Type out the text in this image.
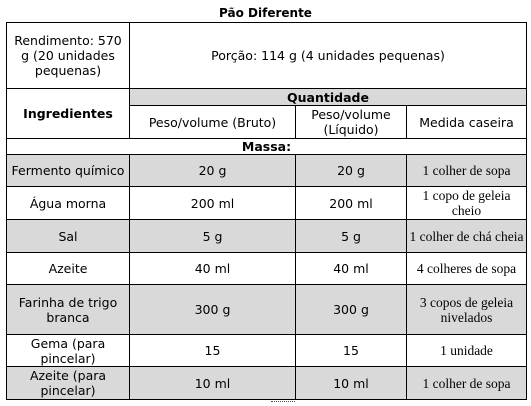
Pão Diferente
Rendimento: 570 g (20 unidades pequenas)	Porção: 114 g (4 unidades pequenas)		
Ingredientes	Quantidade		
	Peso/volume (Bruto)	Peso/volume (Líquido)	Medida caseira
Massa:			
Fermento químico	20 g	20 g	1 colher de sopa
Água morna	200 ml	200 ml	1 copo de geleia cheio
Sal	5 g	5 g	1 colher de chá cheia
Azeite	40 ml	40 ml	4 colheres de sopa
Farinha de trigo branca	300 g	300 g	3 copos de geleia nivelados
Gema (para pincelar)	15	15	1 unidade
Azeite (para pincelar)	10 ml	10 ml	1 colher de sopa
